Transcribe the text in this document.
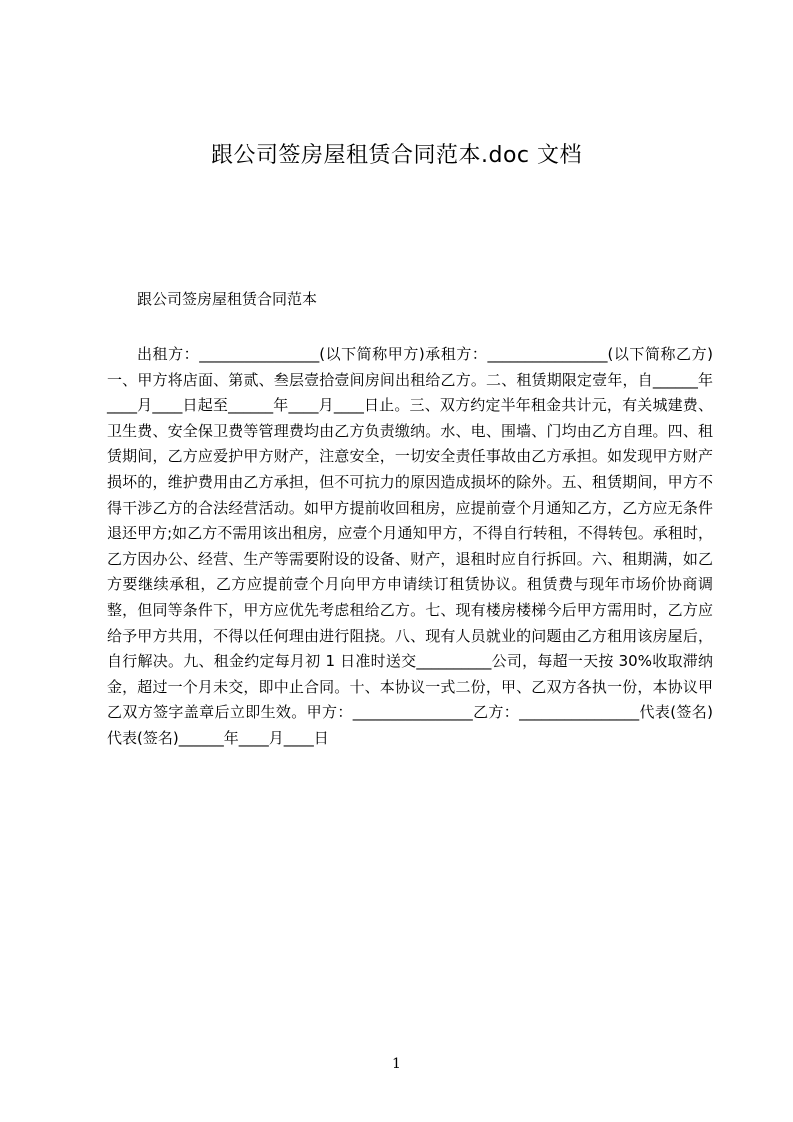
跟公司签房屋租赁合同范本.doc 文档
跟公司签房屋租赁合同范本
出租方：________________(以下简称甲方)承租方：________________(以下简称乙方)一、甲方将店面、第贰、叁层壹拾壹间房间出租给乙方。二、租赁期限定壹年，自______年____月____日起至______年____月____日止。三、双方约定半年租金共计元，有关城建费、卫生费、安全保卫费等管理费均由乙方负责缴纳。水、电、围墙、门均由乙方自理。四、租赁期间，乙方应爱护甲方财产，注意安全，一切安全责任事故由乙方承担。如发现甲方财产损坏的，维护费用由乙方承担，但不可抗力的原因造成损坏的除外。五、租赁期间，甲方不得干涉乙方的合法经营活动。如甲方提前收回租房，应提前壹个月通知乙方，乙方应无条件退还甲方;如乙方不需用该出租房，应壹个月通知甲方，不得自行转租，不得转包。承租时，乙方因办公、经营、生产等需要附设的设备、财产，退租时应自行拆回。六、租期满，如乙方要继续承租，乙方应提前壹个月向甲方申请续订租赁协议。租赁费与现年市场价协商调整，但同等条件下，甲方应优先考虑租给乙方。七、现有楼房楼梯今后甲方需用时，乙方应给予甲方共用，不得以任何理由进行阻挠。八、现有人员就业的问题由乙方租用该房屋后，自行解决。九、租金约定每月初 1 日准时送交__________公司，每超一天按 30%收取滞纳金，超过一个月未交，即中止合同。十、本协议一式二份，甲、乙双方各执一份，本协议甲乙双方签字盖章后立即生效。甲方：________________乙方：________________代表(签名)代表(签名)______年____月____日
1
